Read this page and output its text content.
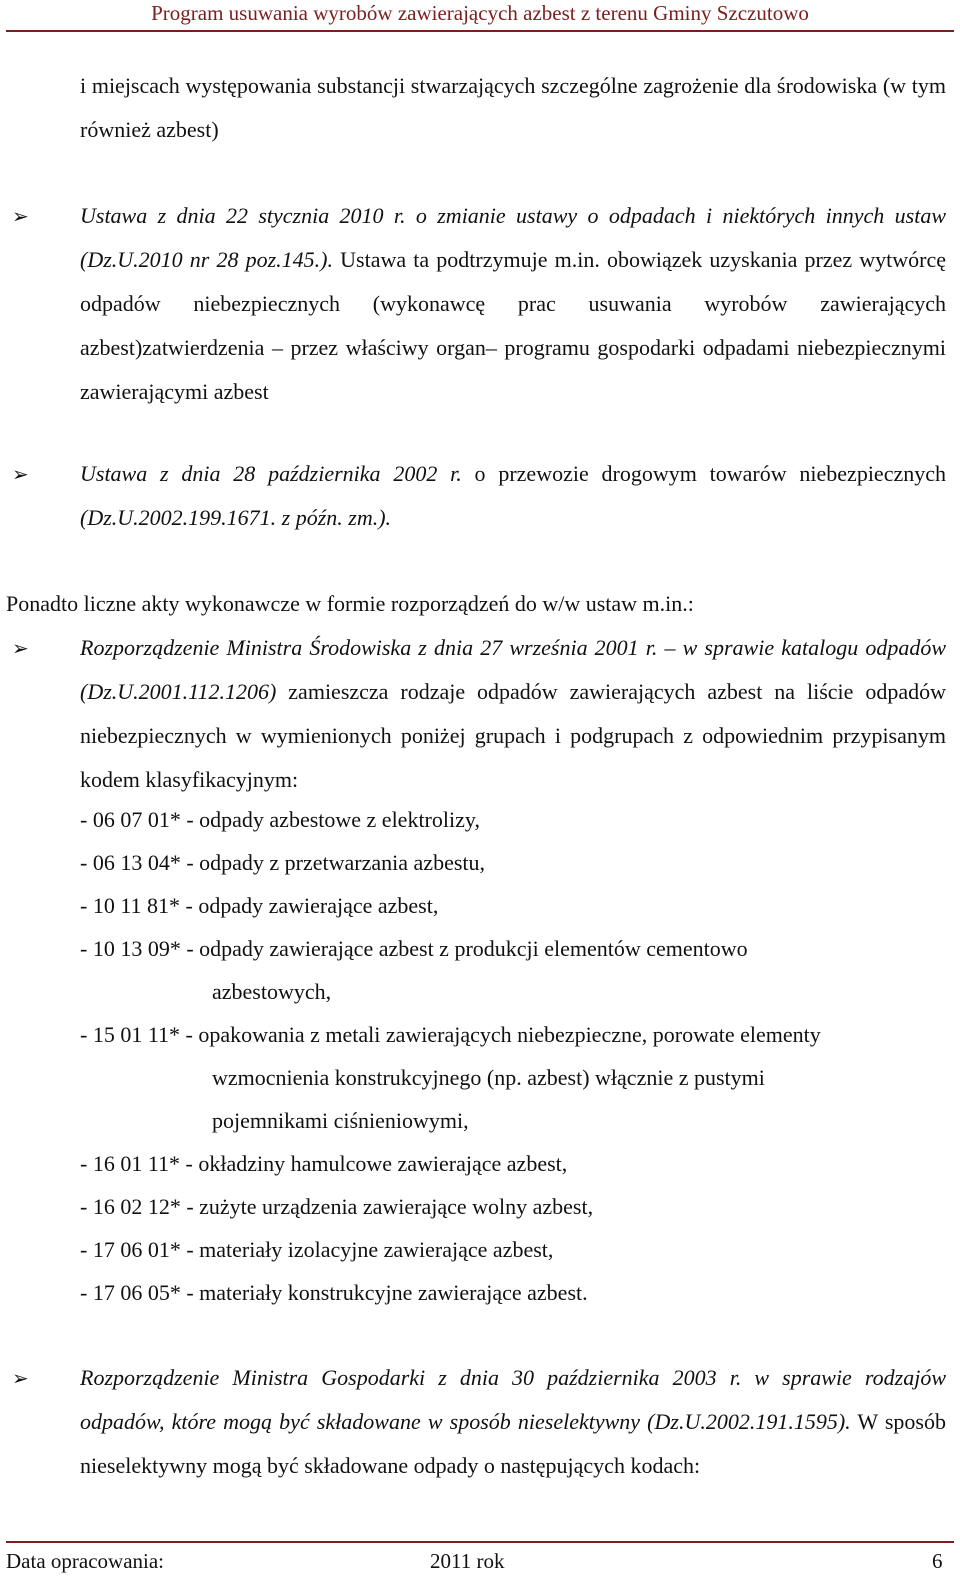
Program usuwania wyrobów zawierających azbest z terenu Gminy Szczutowo
i miejscach występowania substancji stwarzających szczególne zagrożenie dla środowiska (w tym również azbest)
➢ Ustawa z dnia 22 stycznia 2010 r. o zmianie ustawy o odpadach i niektórych innych ustaw (Dz.U.2010 nr 28 poz.145.). Ustawa ta podtrzymuje m.in. obowiązek uzyskania przez wytwórcę odpadów niebezpiecznych (wykonawcę prac usuwania wyrobów zawierających azbest)zatwierdzenia – przez właściwy organ– programu gospodarki odpadami niebezpiecznymi zawierającymi azbest
➢ Ustawa z dnia 28 października 2002 r. o przewozie drogowym towarów niebezpiecznych (Dz.U.2002.199.1671. z późn. zm.).
Ponadto liczne akty wykonawcze w formie rozporządzeń do w/w ustaw m.in.:
➢ Rozporządzenie Ministra Środowiska z dnia 27 września 2001 r. – w sprawie katalogu odpadów (Dz.U.2001.112.1206) zamieszcza rodzaje odpadów zawierających azbest na liście odpadów niebezpiecznych w wymienionych poniżej grupach i podgrupach z odpowiednim przypisanym kodem klasyfikacyjnym:
- 06 07 01* - odpady azbestowe z elektrolizy,
- 06 13 04* - odpady z przetwarzania azbestu,
- 10 11 81* - odpady zawierające azbest,
- 10 13 09* - odpady zawierające azbest z produkcji elementów cementowo
azbestowych,
- 15 01 11* - opakowania z metali zawierających niebezpieczne, porowate elementy
wzmocnienia konstrukcyjnego (np. azbest) włącznie z pustymi
pojemnikami ciśnieniowymi,
- 16 01 11* - okładziny hamulcowe zawierające azbest,
- 16 02 12* - zużyte urządzenia zawierające wolny azbest,
- 17 06 01* - materiały izolacyjne zawierające azbest,
- 17 06 05* - materiały konstrukcyjne zawierające azbest.
➢ Rozporządzenie Ministra Gospodarki z dnia 30 października 2003 r. w sprawie rodzajów odpadów, które mogą być składowane w sposób nieselektywny (Dz.U.2002.191.1595). W sposób nieselektywny mogą być składowane odpady o następujących kodach:
Data opracowania:	2011 rok	6
